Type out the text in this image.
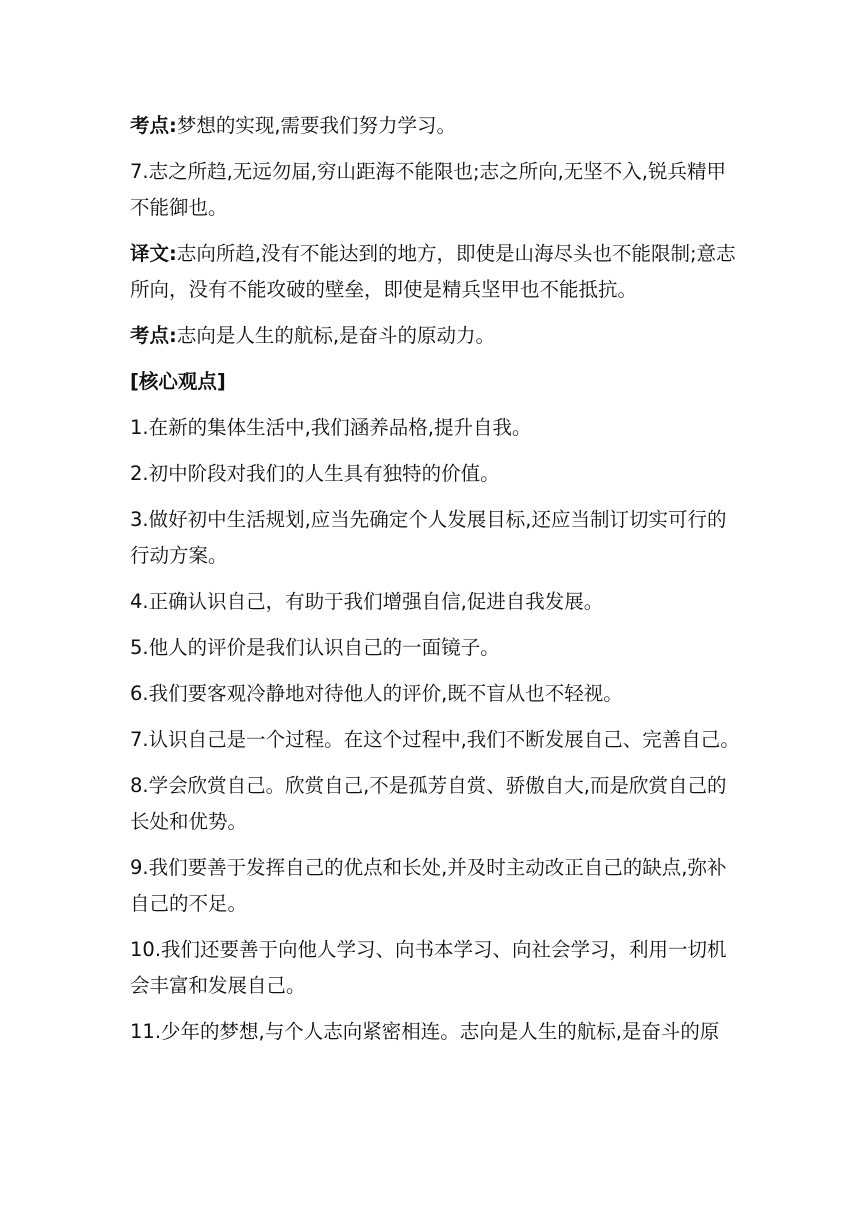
考点:梦想的实现,需要我们努力学习。

7.志之所趋,无远勿届,穷山距海不能限也;志之所向,无坚不入,锐兵精甲不能御也。

译文:志向所趋,没有不能达到的地方，即使是山海尽头也不能限制;意志所向，没有不能攻破的壁垒，即使是精兵坚甲也不能抵抗。

考点:志向是人生的航标,是奋斗的原动力。

[核心观点]

1.在新的集体生活中,我们涵养品格,提升自我。

2.初中阶段对我们的人生具有独特的价值。

3.做好初中生活规划,应当先确定个人发展目标,还应当制订切实可行的行动方案。

4.正确认识自己，有助于我们增强自信,促进自我发展。

5.他人的评价是我们认识自己的一面镜子。

6.我们要客观冷静地对待他人的评价,既不盲从也不轻视。

7.认识自己是一个过程。在这个过程中,我们不断发展自己、完善自己。

8.学会欣赏自己。欣赏自己,不是孤芳自赏、骄傲自大,而是欣赏自己的长处和优势。

9.我们要善于发挥自己的优点和长处,并及时主动改正自己的缺点,弥补自己的不足。

10.我们还要善于向他人学习、向书本学习、向社会学习，利用一切机会丰富和发展自己。

11.少年的梦想,与个人志向紧密相连。志向是人生的航标,是奋斗的原
